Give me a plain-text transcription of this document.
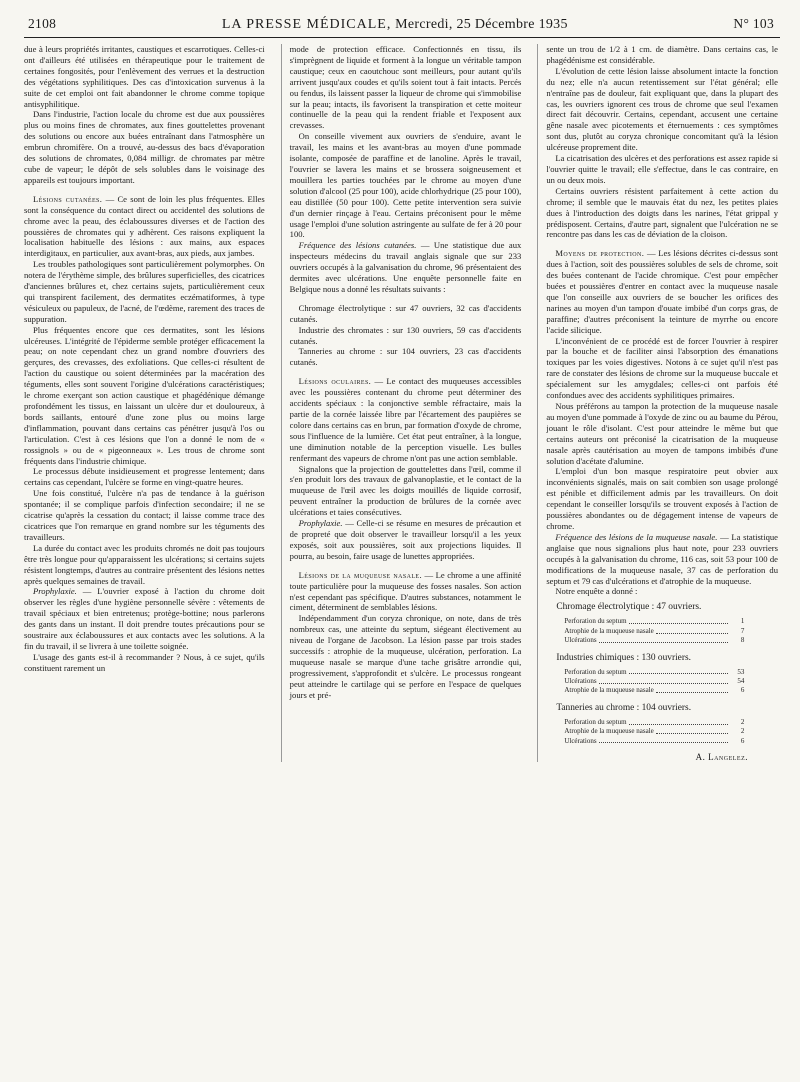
2108	LA PRESSE MÉDICALE, Mercredi, 25 Décembre 1935	N° 103

due à leurs propriétés irritantes, caustiques et escarrotiques. Celles-ci ont d'ailleurs été utilisées en thérapeutique pour le traitement de certaines fongosités, pour l'enlèvement des verrues et la destruction des végétations syphilitiques. Des cas d'intoxication survenus à la suite de cet emploi ont fait abandonner le chrome comme topique antisyphilitique.

Dans l'industrie, l'action locale du chrome est due aux poussières plus ou moins fines de chromates, aux fines gouttelettes provenant des solutions ou encore aux buées entraînant dans l'atmosphère un embrun chromifère. On a trouvé, au-dessus des bacs d'évaporation des solutions de chromates, 0,084 milligr. de chromates par mètre cube de vapeur; le dépôt de sels solubles dans le voisinage des appareils est toujours important.

Lésions cutanées. — Ce sont de loin les plus fréquentes. Elles sont la conséquence du contact direct ou accidentel des solutions de chrome avec la peau, des éclaboussures diverses et de l'action des poussières de chromates qui y adhèrent. Ces raisons expliquent la localisation habituelle des lésions : aux mains, aux espaces interdigitaux, en particulier, aux avant-bras, aux pieds, aux jambes.

Les troubles pathologiques sont particulièrement polymorphes. On notera de l'érythème simple, des brûlures superficielles, des cicatrices d'anciennes brûlures et, chez certains sujets, particulièrement ceux qui transpirent facilement, des dermatites eczématiformes, à type vésiculeux ou papuleux, de l'acné, de l'œdème, rarement des traces de suppuration.

Plus fréquentes encore que ces dermatites, sont les lésions ulcéreuses. L'intégrité de l'épiderme semble protéger efficacement la peau; on note cependant chez un grand nombre d'ouvriers des gerçures, des crevasses, des exfoliations. Que celles-ci résultent de l'action du caustique ou soient déterminées par la macération des téguments, elles sont souvent l'origine d'ulcérations caractéristiques; le chrome exerçant son action caustique et phagédénique démange profondément les tissus, en laissant un ulcère dur et douloureux, à bords saillants, entouré d'une zone plus ou moins large d'inflammation, pouvant dans certains cas pénétrer jusqu'à l'os ou l'articulation. C'est à ces lésions que l'on a donné le nom de « rossignols » ou de « pigeonneaux ». Les trous de chrome sont fréquents dans l'industrie chimique.

Le processus débute insidieusement et progresse lentement; dans certains cas cependant, l'ulcère se forme en vingt-quatre heures.

Une fois constitué, l'ulcère n'a pas de tendance à la guérison spontanée; il se complique parfois d'infection secondaire; il ne se cicatrise qu'après la cessation du contact; il laisse comme trace des cicatrices que l'on remarque en grand nombre sur les téguments des travailleurs.

La durée du contact avec les produits chromés ne doit pas toujours être très longue pour qu'apparaissent les ulcérations; si certains sujets résistent longtemps, d'autres au contraire présentent des lésions nettes après quelques semaines de travail.

Prophylaxie. — L'ouvrier exposé à l'action du chrome doit observer les règles d'une hygiène personnelle sévère : vêtements de travail spéciaux et bien entretenus; protège-bottine; nous parlerons des gants dans un instant. Il doit prendre toutes précautions pour se soustraire aux éclaboussures et aux contacts avec les solutions. A la fin du travail, il se livrera à une toilette soignée.

L'usage des gants est-il à recommander ? Nous, à ce sujet, qu'ils constituent rarement un

mode de protection efficace. Confectionnés en tissu, ils s'imprègnent de liquide et forment à la longue un véritable tampon caustique; ceux en caoutchouc sont meilleurs, pour autant qu'ils arrivent jusqu'aux coudes et qu'ils soient tout à fait intacts. Percés ou fendus, ils laissent passer la liqueur de chrome qui s'immobilise sur la peau; intacts, ils favorisent la transpiration et cette moiteur continuelle de la peau qui la rendent friable et l'exposent aux crevasses.

On conseille vivement aux ouvriers de s'enduire, avant le travail, les mains et les avant-bras au moyen d'une pommade isolante, composée de paraffine et de lanoline. Après le travail, l'ouvrier se lavera les mains et se brossera soigneusement et mouillera les parties touchées par le chrome au moyen d'une solution d'alcool (25 pour 100), acide chlorhydrique (25 pour 100), eau distillée (50 pour 100). Cette petite intervention sera suivie d'un dernier rinçage à l'eau. Certains préconisent pour le même usage l'emploi d'une solution astringente au sulfate de fer à 20 pour 100.

Fréquence des lésions cutanées. — Une statistique due aux inspecteurs médecins du travail anglais signale que sur 233 ouvriers occupés à la galvanisation du chrome, 96 présentaient des dermites avec ulcérations. Une enquête personnelle faite en Belgique nous a donné les résultats suivants :

Chromage électrolytique : sur 47 ouvriers, 32 cas d'accidents cutanés.

Industrie des chromates : sur 130 ouvriers, 59 cas d'accidents cutanés.

Tanneries au chrome : sur 104 ouvriers, 23 cas d'accidents cutanés.

Lésions oculaires. — Le contact des muqueuses accessibles avec les poussières contenant du chrome peut déterminer des accidents spéciaux : la conjonctive semble réfractaire, mais la partie de la cornée laissée libre par l'écartement des paupières se colore dans certains cas en brun, par formation d'oxyde de chrome, sous l'influence de la lumière. Cet état peut entraîner, à la longue, une diminution notable de la perception visuelle. Les bulles renfermant des vapeurs de chrome n'ont pas une action semblable.

Signalons que la projection de gouttelettes dans l'œil, comme il s'en produit lors des travaux de galvanoplastie, et le contact de la muqueuse de l'œil avec les doigts mouillés de liquide corrosif, peuvent entraîner la production de brûlures de la cornée avec ulcérations et taies consécutives.

Prophylaxie. — Celle-ci se résume en mesures de précaution et de propreté que doit observer le travailleur lorsqu'il a les yeux exposés, soit aux poussières, soit aux projections liquides. Il pourra, au besoin, faire usage de lunettes appropriées.

Lésions de la muqueuse nasale. — Le chrome a une affinité toute particulière pour la muqueuse des fosses nasales. Son action n'est cependant pas spécifique. D'autres substances, notamment le ciment, déterminent de semblables lésions.

Indépendamment d'un coryza chronique, on note, dans de très nombreux cas, une atteinte du septum, siégeant électivement au niveau de l'organe de Jacobson. La lésion passe par trois stades successifs : atrophie de la muqueuse, ulcération, perforation. La muqueuse nasale se marque d'une tache grisâtre arrondie qui, progressivement, s'approfondit et s'ulcère. Le processus rongeant peut atteindre le cartilage qui se perfore en l'espace de quelques jours et pré-

sente un trou de 1/2 à 1 cm. de diamètre. Dans certains cas, le phagédénisme est considérable.

L'évolution de cette lésion laisse absolument intacte la fonction du nez; elle n'a aucun retentissement sur l'état général; elle n'entraîne pas de douleur, fait expliquant que, dans la plupart des cas, les ouvriers ignorent ces trous de chrome que seul l'examen direct fait découvrir. Certains, cependant, accusent une certaine gêne nasale avec picotements et éternuements : ces symptômes sont dus, plutôt au coryza chronique concomitant qu'à la lésion ulcéreuse proprement dite.

La cicatrisation des ulcères et des perforations est assez rapide si l'ouvrier quitte le travail; elle s'effectue, dans le cas contraire, en un ou deux mois.

Certains ouvriers résistent parfaitement à cette action du chrome; il semble que le mauvais état du nez, les petites plaies dues à l'introduction des doigts dans les narines, l'état grippal y prédisposent. Certains, d'autre part, signalent que l'ulcération ne se rencontre pas dans les cas de déviation de la cloison.

Moyens de protection. — Les lésions décrites ci-dessus sont dues à l'action, soit des poussières solubles de sels de chrome, soit des buées contenant de l'acide chromique. C'est pour empêcher buées et poussières d'entrer en contact avec la muqueuse nasale que l'on conseille aux ouvriers de se boucher les orifices des narines au moyen d'un tampon d'ouate imbibé d'un corps gras, de paraffine; d'autres préconisent la teinture de myrrhe ou encore l'acide silicique.

L'inconvénient de ce procédé est de forcer l'ouvrier à respirer par la bouche et de faciliter ainsi l'absorption des émanations toxiques par les voies digestives. Notons à ce sujet qu'il n'est pas rare de constater des lésions de chrome sur la muqueuse buccale et spécialement sur les amygdales; celles-ci ont parfois été confondues avec des accidents syphilitiques primaires.

Nous préférons au tampon la protection de la muqueuse nasale au moyen d'une pommade à l'oxyde de zinc ou au baume du Pérou, jouant le rôle d'isolant. C'est pour atteindre le même but que certains auteurs ont préconisé la cicatrisation de la muqueuse nasale après cautérisation au moyen de tampons imbibés d'une solution d'acétate d'alumine.

L'emploi d'un bon masque respiratoire peut obvier aux inconvénients signalés, mais on sait combien son usage prolongé est pénible et difficilement admis par les travailleurs. On doit cependant le conseiller lorsqu'ils se trouvent exposés à l'action de poussières abondantes ou de dégagement intense de vapeurs de chrome.

Fréquence des lésions de la muqueuse nasale. — La statistique anglaise que nous signalions plus haut note, pour 233 ouvriers occupés à la galvanisation du chrome, 116 cas, soit 53 pour 100 de modifications de la muqueuse nasale, 37 cas de perforation du septum et 79 cas d'ulcérations et d'atrophie de la muqueuse.

Notre enquête a donné :

Chromage électrolytique : 47 ouvriers.

Perforation du septum	1
Atrophie de la muqueuse nasale	7
Ulcérations	8

Industries chimiques : 130 ouvriers.

Perforation du septum	53
Ulcérations	54
Atrophie de la muqueuse nasale	6

Tanneries au chrome : 104 ouvriers.

Perforation du septum	2
Atrophie de la muqueuse nasale	2
Ulcérations	6
A. Langelez.
